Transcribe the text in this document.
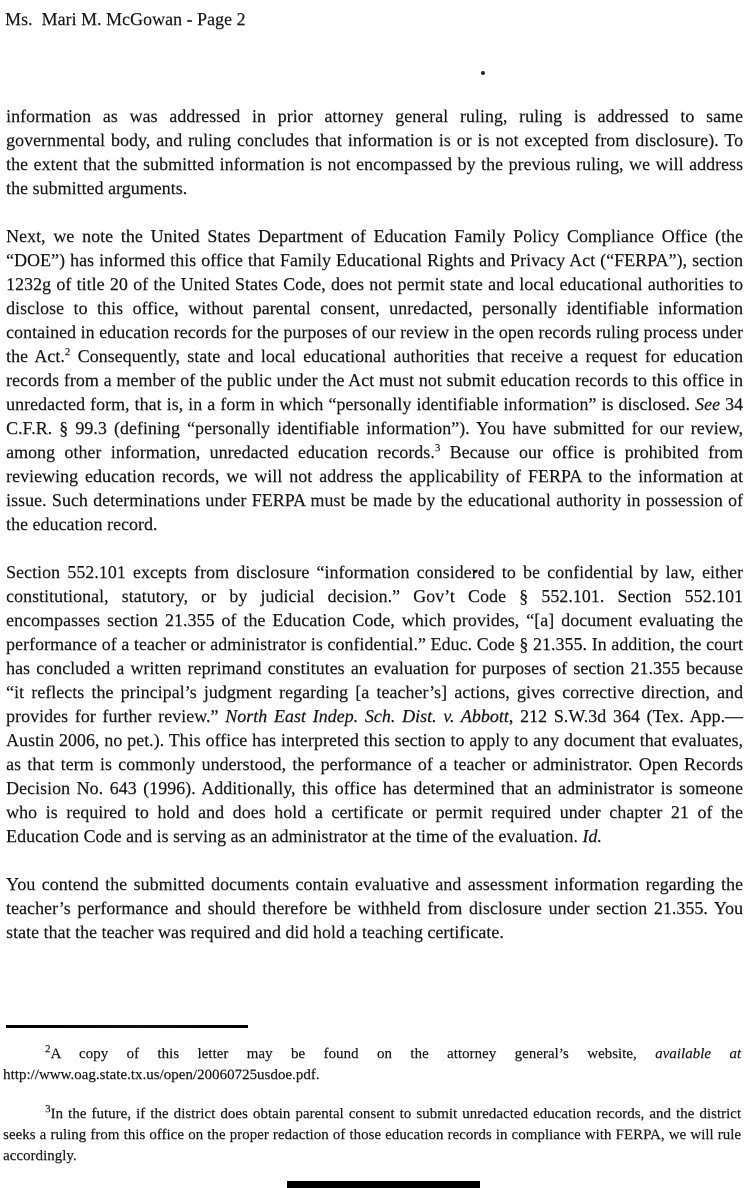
Ms.  Mari M. McGowan - Page 2

information as was addressed in prior attorney general ruling, ruling is addressed to same governmental body, and ruling concludes that information is or is not excepted from disclosure). To the extent that the submitted information is not encompassed by the previous ruling, we will address the submitted arguments.

Next, we note the United States Department of Education Family Policy Compliance Office (the “DOE”) has informed this office that Family Educational Rights and Privacy Act (“FERPA”), section 1232g of title 20 of the United States Code, does not permit state and local educational authorities to disclose to this office, without parental consent, unredacted, personally identifiable information contained in education records for the purposes of our review in the open records ruling process under the Act.$^2$ Consequently, state and local educational authorities that receive a request for education records from a member of the public under the Act must not submit education records to this office in unredacted form, that is, in a form in which “personally identifiable information” is disclosed. See 34 C.F.R. § 99.3 (defining “personally identifiable information”). You have submitted for our review, among other information, unredacted education records.$^3$ Because our office is prohibited from reviewing education records, we will not address the applicability of FERPA to the information at issue. Such determinations under FERPA must be made by the educational authority in possession of the education record.

Section 552.101 excepts from disclosure “information considered to be confidential by law, either constitutional, statutory, or by judicial decision.” Gov’t Code § 552.101. Section 552.101 encompasses section 21.355 of the Education Code, which provides, “[a] document evaluating the performance of a teacher or administrator is confidential.” Educ. Code § 21.355. In addition, the court has concluded a written reprimand constitutes an evaluation for purposes of section 21.355 because “it reflects the principal’s judgment regarding [a teacher’s] actions, gives corrective direction, and provides for further review.” North East Indep. Sch. Dist. v. Abbott, 212 S.W.3d 364 (Tex. App.—Austin 2006, no pet.). This office has interpreted this section to apply to any document that evaluates, as that term is commonly understood, the performance of a teacher or administrator. Open Records Decision No. 643 (1996). Additionally, this office has determined that an administrator is someone who is required to hold and does hold a certificate or permit required under chapter 21 of the Education Code and is serving as an administrator at the time of the evaluation. Id.

You contend the submitted documents contain evaluative and assessment information regarding the teacher’s performance and should therefore be withheld from disclosure under section 21.355. You state that the teacher was required and did hold a teaching certificate.

$^2$A copy of this letter may be found on the attorney general’s website, available at http://www.oag.state.tx.us/open/20060725usdoe.pdf.

$^3$In the future, if the district does obtain parental consent to submit unredacted education records, and the district seeks a ruling from this office on the proper redaction of those education records in compliance with FERPA, we will rule accordingly.
